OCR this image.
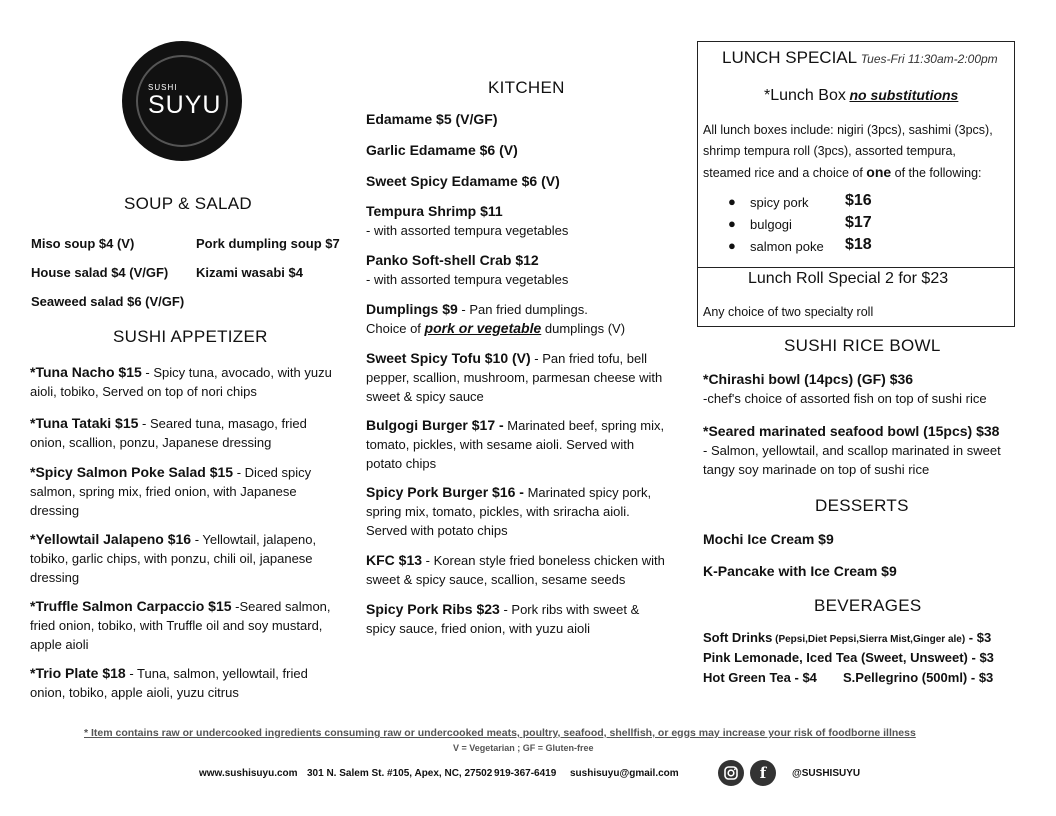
SUSHI
SUYU
SOUP & SALAD
Miso soup $4 (V)	Pork dumpling soup $7
House salad $4 (V/GF) Kizami wasabi $4
Seaweed salad $6 (V/GF)
SUSHI APPETIZER
*Tuna Nacho $15 - Spicy tuna, avocado, with yuzu
aioli, tobiko, Served on top of nori chips
*Tuna Tataki $15 - Seared tuna, masago, fried
onion, scallion, ponzu, Japanese dressing
*Spicy Salmon Poke Salad $15 - Diced spicy
salmon, spring mix, fried onion, with Japanese
dressing
*Yellowtail Jalapeno $16 - Yellowtail, jalapeno,
tobiko, garlic chips, with ponzu, chili oil, japanese
dressing
*Truffle Salmon Carpaccio $15 -Seared salmon,
fried onion, tobiko, with Truffle oil and soy mustard,
apple aioli
*Trio Plate $18 - Tuna, salmon, yellowtail, fried
onion, tobiko, apple aioli, yuzu citrus
KITCHEN
Edamame $5 (V/GF)
Garlic Edamame $6 (V)
Sweet Spicy Edamame $6 (V)
Tempura Shrimp $11
- with assorted tempura vegetables
Panko Soft-shell Crab $12
- with assorted tempura vegetables
Dumplings $9 - Pan fried dumplings.
Choice of pork or vegetable dumplings (V)
Sweet Spicy Tofu $10 (V) - Pan fried tofu, bell
pepper, scallion, mushroom, parmesan cheese with
sweet & spicy sauce
Bulgogi Burger $17 - Marinated beef, spring mix,
tomato, pickles, with sesame aioli. Served with
potato chips
Spicy Pork Burger $16 - Marinated spicy pork,
spring mix, tomato, pickles, with sriracha aioli.
Served with potato chips
KFC $13 - Korean style fried boneless chicken with
sweet & spicy sauce, scallion, sesame seeds
Spicy Pork Ribs $23 - Pork ribs with sweet &
spicy sauce, fried onion, with yuzu aioli
LUNCH SPECIAL Tues-Fri 11:30am-2:00pm
*Lunch Box no substitutions
All lunch boxes include: nigiri (3pcs), sashimi (3pcs),
shrimp tempura roll (3pcs), assorted tempura,
steamed rice and a choice of one of the following:
● spicy pork $16
● bulgogi	$17
● salmon poke $18
Lunch Roll Special 2 for $23
Any choice of two specialty roll
SUSHI RICE BOWL
*Chirashi bowl (14pcs) (GF) $36
-chef's choice of assorted fish on top of sushi rice
*Seared marinated seafood bowl (15pcs) $38
- Salmon, yellowtail, and scallop marinated in sweet
tangy soy marinade on top of sushi rice
DESSERTS
Mochi Ice Cream $9
K-Pancake with Ice Cream $9
BEVERAGES
Soft Drinks (Pepsi,Diet Pepsi,Sierra Mist,Ginger ale) - $3
Pink Lemonade, Iced Tea (Sweet, Unsweet) - $3
Hot Green Tea - $4 S.Pellegrino (500ml) - $3
* Item contains raw or undercooked ingredients consuming raw or undercooked meats, poultry, seafood, shellfish, or eggs may increase your risk of foodborne illness
V = Vegetarian ; GF = Gluten-free
www.sushisuyu.com 301 N. Salem St. #105, Apex, NC, 27502 919-367-6419 sushisuyu@gmail.com	f	@SUSHISUYU
